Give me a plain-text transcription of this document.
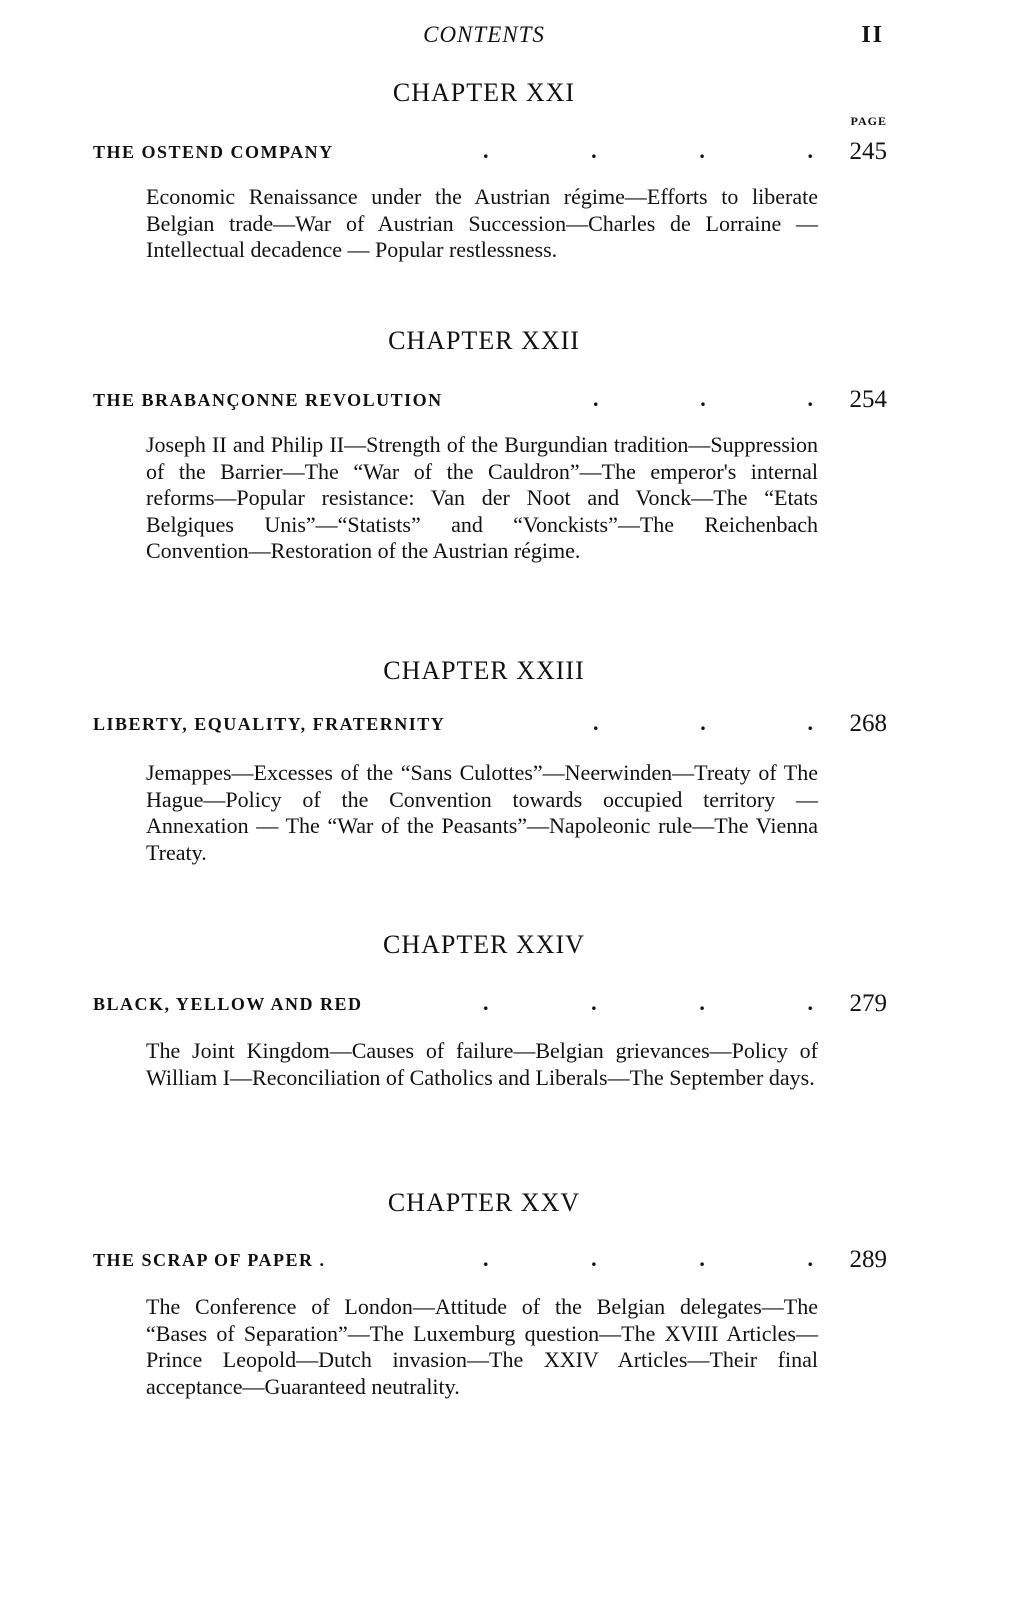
CONTENTS	II
PAGE
CHAPTER XXI
THE OSTEND COMPANY	.	.	.	. 245
Economic Renaissance under the Austrian régime—Efforts to liberate Belgian trade—War of Austrian Succession—Charles de Lorraine — Intellectual decadence — Popular restlessness.
CHAPTER XXII
THE BRABANÇONNE REVOLUTION	.	.	. 254
Joseph II and Philip II—Strength of the Burgundian tradition—Suppression of the Barrier—The “War of the Cauldron”—The emperor's internal reforms—Popular resistance: Van der Noot and Vonck—The “Etats Belgiques Unis”—“Statists” and “Vonckists”—The Reichenbach Convention—Restoration of the Austrian régime.
CHAPTER XXIII
LIBERTY, EQUALITY, FRATERNITY	.	.	. 268
Jemappes—Excesses of the “Sans Culottes”—Neerwinden—Treaty of The Hague—Policy of the Convention towards occupied territory — Annexation — The “War of the Peasants”—Napoleonic rule—The Vienna Treaty.
CHAPTER XXIV
BLACK, YELLOW AND RED	.	.	.	. 279
The Joint Kingdom—Causes of failure—Belgian grievances—Policy of William I—Reconciliation of Catholics and Liberals—The September days.
CHAPTER XXV
THE SCRAP OF PAPER .	.	.	.	. 289
The Conference of London—Attitude of the Belgian delegates—The “Bases of Separation”—The Luxemburg question—The XVIII Articles—Prince Leopold—Dutch invasion—The XXIV Articles—Their final acceptance—Guaranteed neutrality.
